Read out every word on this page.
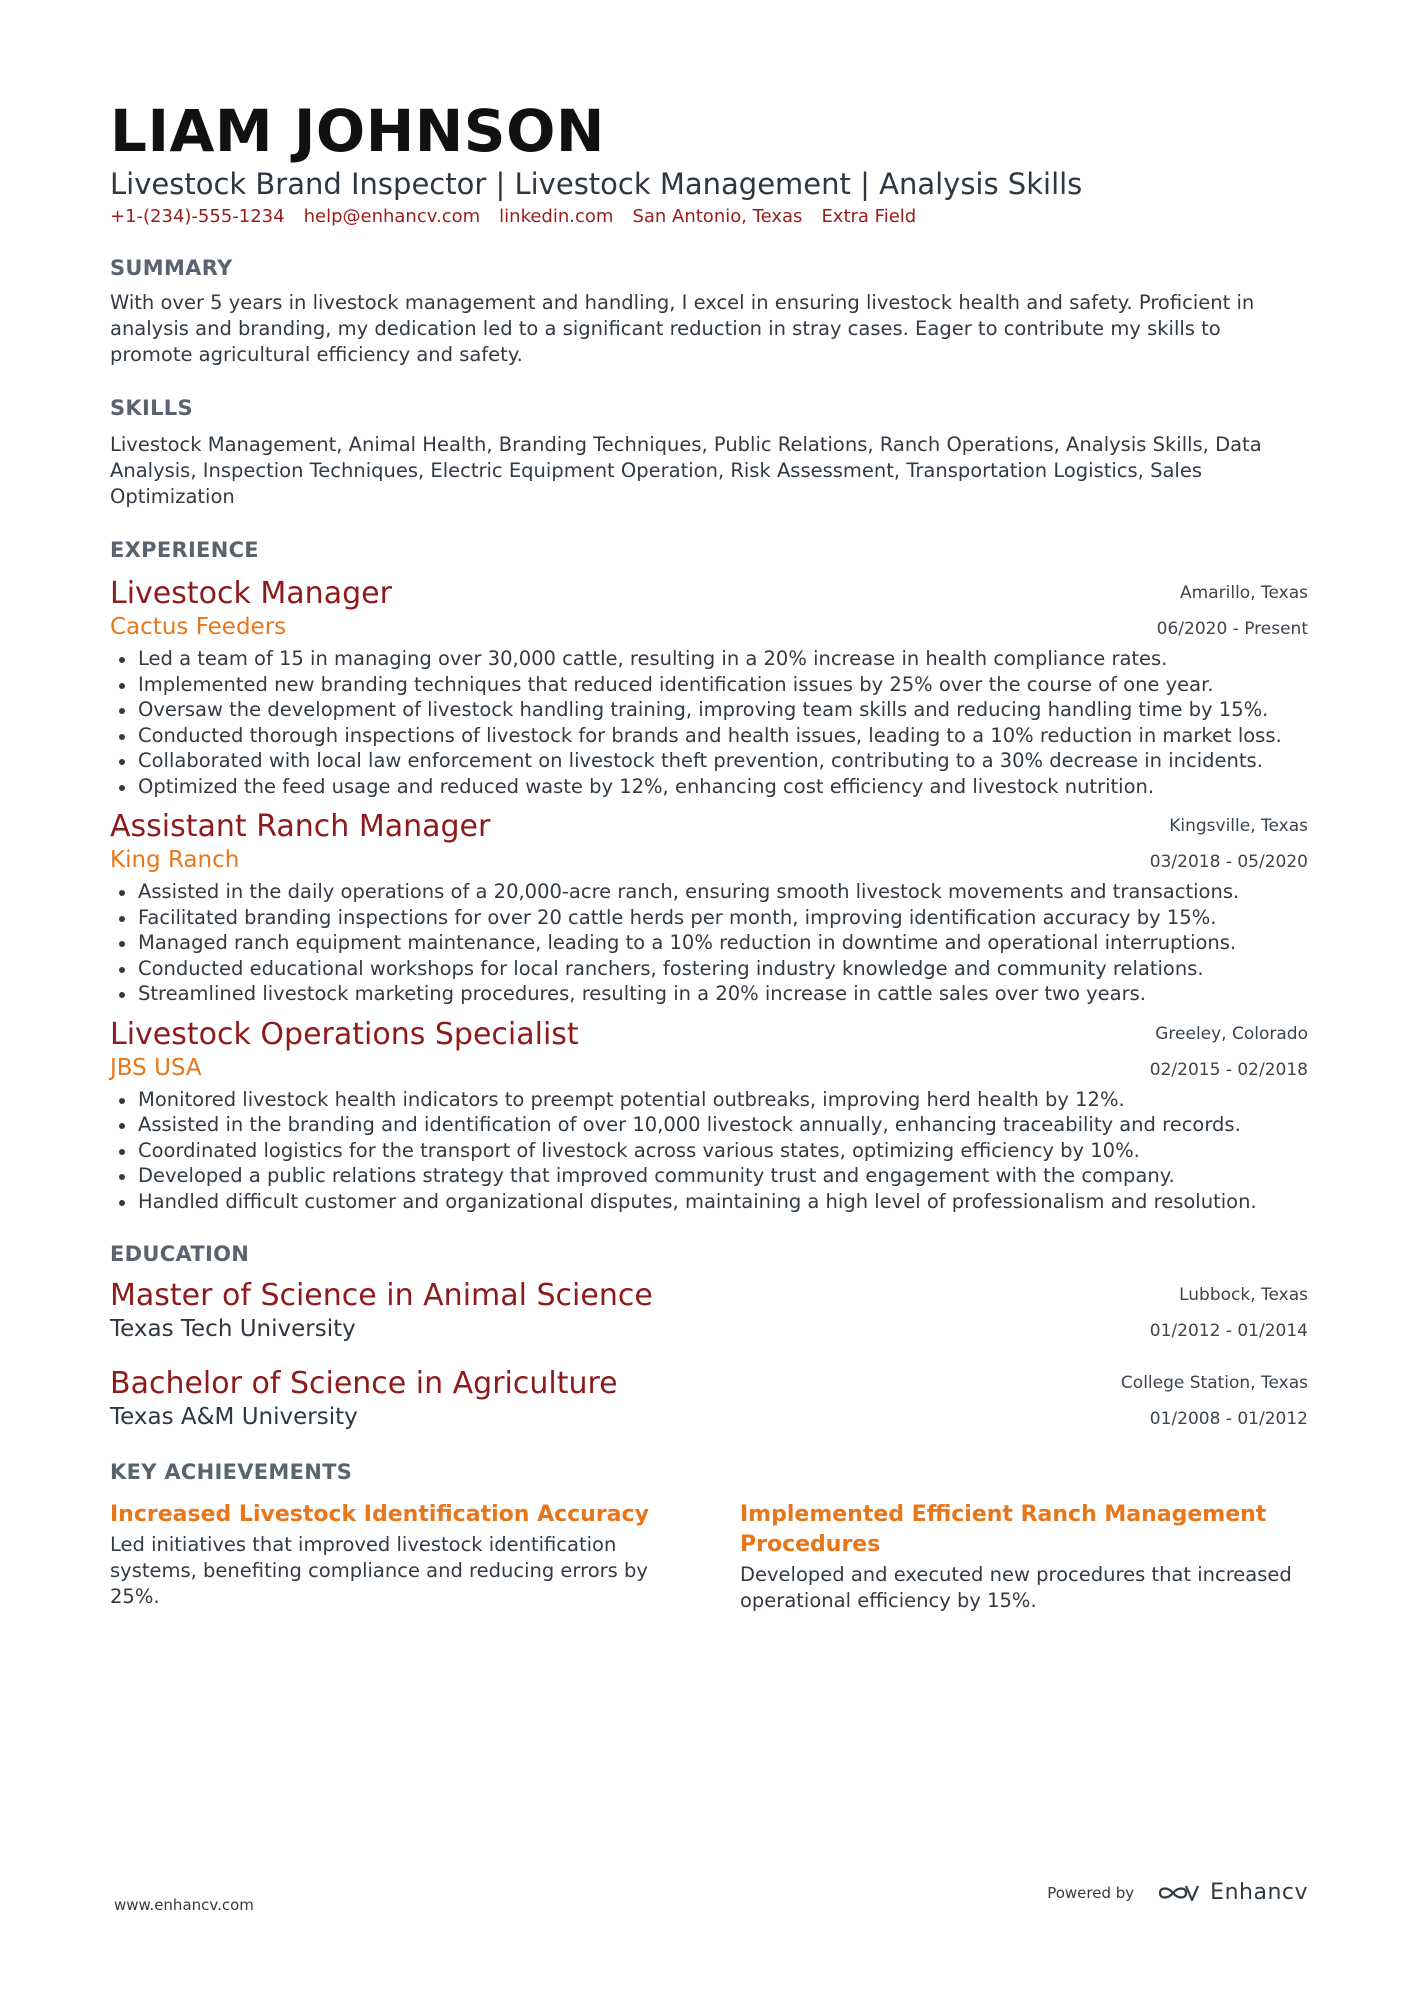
LIAM JOHNSON
Livestock Brand Inspector | Livestock Management | Analysis Skills
+1-(234)-555-1234 help@enhancv.com linkedin.com San Antonio, Texas Extra Field
SUMMARY
With over 5 years in livestock management and handling, I excel in ensuring livestock health and safety. Proficient in analysis and branding, my dedication led to a significant reduction in stray cases. Eager to contribute my skills to promote agricultural efficiency and safety.
SKILLS
Livestock Management, Animal Health, Branding Techniques, Public Relations, Ranch Operations, Analysis Skills, Data Analysis, Inspection Techniques, Electric Equipment Operation, Risk Assessment, Transportation Logistics, Sales Optimization
EXPERIENCE
Livestock Manager
Cactus Feeders
Amarillo, Texas
06/2020 - Present
Led a team of 15 in managing over 30,000 cattle, resulting in a 20% increase in health compliance rates.
Implemented new branding techniques that reduced identification issues by 25% over the course of one year.
Oversaw the development of livestock handling training, improving team skills and reducing handling time by 15%.
Conducted thorough inspections of livestock for brands and health issues, leading to a 10% reduction in market loss.
Collaborated with local law enforcement on livestock theft prevention, contributing to a 30% decrease in incidents.
Optimized the feed usage and reduced waste by 12%, enhancing cost efficiency and livestock nutrition.
Assistant Ranch Manager
King Ranch
Kingsville, Texas
03/2018 - 05/2020
Assisted in the daily operations of a 20,000-acre ranch, ensuring smooth livestock movements and transactions.
Facilitated branding inspections for over 20 cattle herds per month, improving identification accuracy by 15%.
Managed ranch equipment maintenance, leading to a 10% reduction in downtime and operational interruptions.
Conducted educational workshops for local ranchers, fostering industry knowledge and community relations.
Streamlined livestock marketing procedures, resulting in a 20% increase in cattle sales over two years.
Livestock Operations Specialist
JBS USA
Greeley, Colorado
02/2015 - 02/2018
Monitored livestock health indicators to preempt potential outbreaks, improving herd health by 12%.
Assisted in the branding and identification of over 10,000 livestock annually, enhancing traceability and records.
Coordinated logistics for the transport of livestock across various states, optimizing efficiency by 10%.
Developed a public relations strategy that improved community trust and engagement with the company.
Handled difficult customer and organizational disputes, maintaining a high level of professionalism and resolution.
EDUCATION
Master of Science in Animal Science
Texas Tech University
Lubbock, Texas
01/2012 - 01/2014
Bachelor of Science in Agriculture
Texas A&M University
College Station, Texas
01/2008 - 01/2012
KEY ACHIEVEMENTS
Increased Livestock Identification Accuracy
Led initiatives that improved livestock identification systems, benefiting compliance and reducing errors by 25%.
Implemented Efficient Ranch Management Procedures
Developed and executed new procedures that increased operational efficiency by 15%.
www.enhancv.com
Powered by	Enhancv
